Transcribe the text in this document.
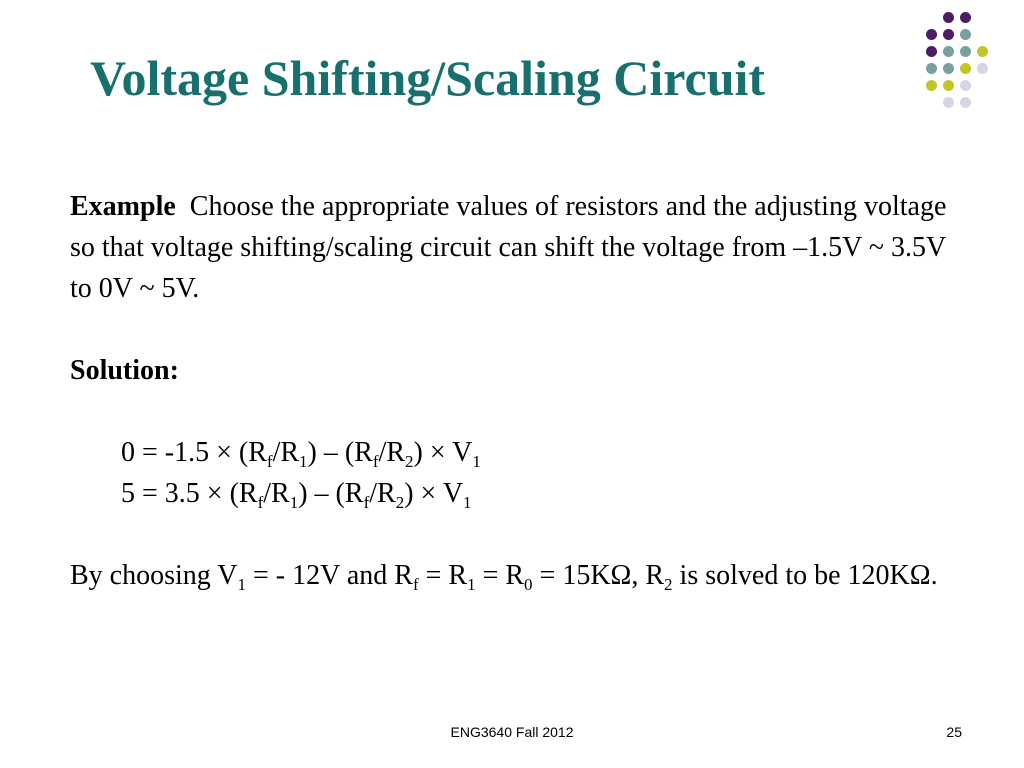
Voltage Shifting/Scaling Circuit

Example Choose the appropriate values of resistors and the adjusting voltage so that voltage shifting/scaling circuit can shift the voltage from –1.5V ~ 3.5V to 0V ~ 5V.

Solution:

$0 = -1.5 \times (R_f/R_1) - (R_f/R_2) \times V_1$

$5 = 3.5 \times (R_f/R_1) - (R_f/R_2) \times V_1$

By choosing $V_1$ = - 12V and $R_f = R_1 = R_0 = 15K\Omega$, $R_2$ is solved to be 120KΩ.

ENG3640 Fall 2012	25
